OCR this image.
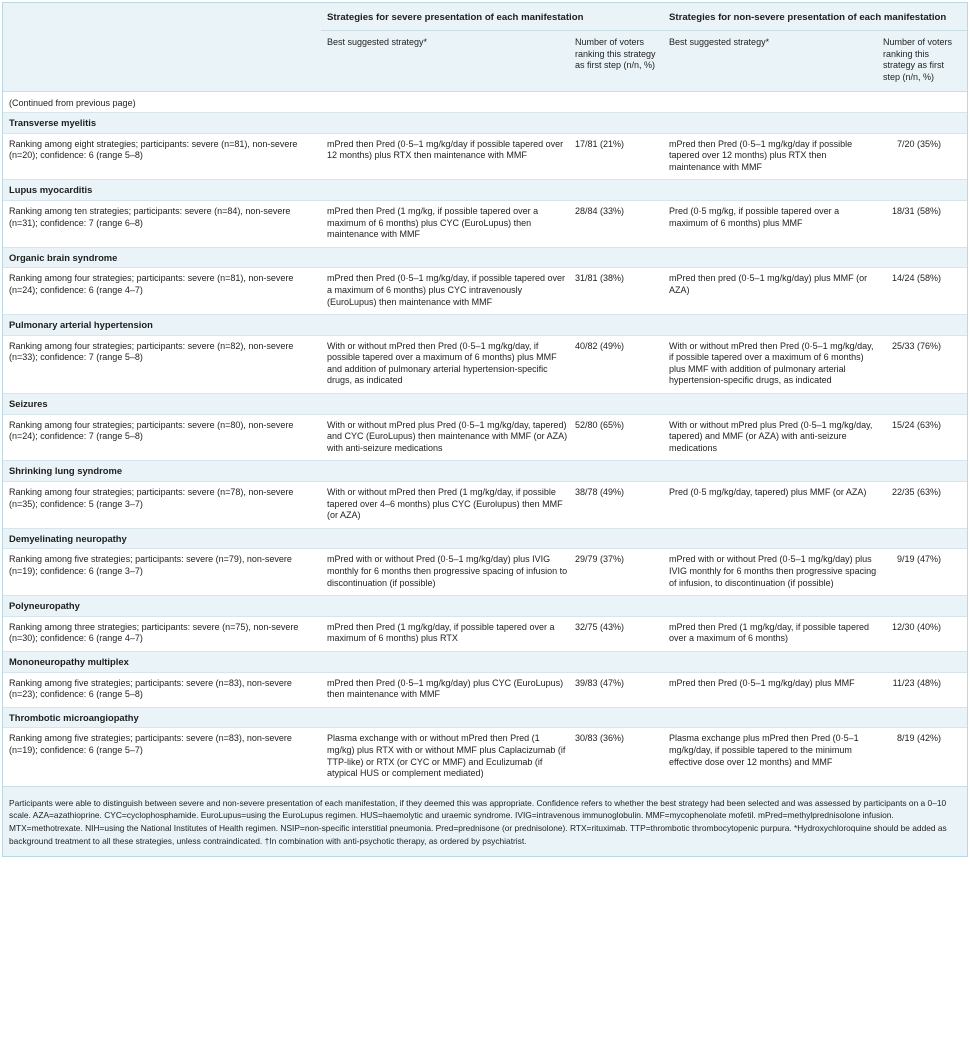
	Strategies for severe presentation of each manifestation		Strategies for non-severe presentation of each manifestation	
	Best suggested strategy*	Number of voters ranking this strategy as first step (n/n, %)	Best suggested strategy*	Number of voters ranking this strategy as first step (n/n, %)
(Continued from previous page)				
Transverse myelitis				
Ranking among eight strategies; participants: severe (n=81), non-severe (n=20); confidence: 6 (range 5–8)	mPred then Pred (0·5–1 mg/kg/day if possible tapered over 12 months) plus RTX then maintenance with MMF	17/81 (21%)	mPred then Pred (0·5–1 mg/kg/day if possible tapered over 12 months) plus RTX then maintenance with MMF	7/20 (35%)
Lupus myocarditis				
Ranking among ten strategies; participants: severe (n=84), non-severe (n=31); confidence: 7 (range 6–8)	mPred then Pred (1 mg/kg, if possible tapered over a maximum of 6 months) plus CYC (EuroLupus) then maintenance with MMF	28/84 (33%)	Pred (0·5 mg/kg, if possible tapered over a maximum of 6 months) plus MMF	18/31 (58%)
Organic brain syndrome				
Ranking among four strategies; participants: severe (n=81), non-severe (n=24); confidence: 6 (range 4–7)	mPred then Pred (0·5–1 mg/kg/day, if possible tapered over a maximum of 6 months) plus CYC intravenously (EuroLupus) then maintenance with MMF	31/81 (38%)	mPred then pred (0·5–1 mg/kg/day) plus MMF (or AZA)	14/24 (58%)
Pulmonary arterial hypertension				
Ranking among four strategies; participants: severe (n=82), non-severe (n=33); confidence: 7 (range 5–8)	With or without mPred then Pred (0·5–1 mg/kg/day, if possible tapered over a maximum of 6 months) plus MMF and addition of pulmonary arterial hypertension-specific drugs, as indicated	40/82 (49%)	With or without mPred then Pred (0·5–1 mg/kg/day, if possible tapered over a maximum of 6 months) plus MMF with addition of pulmonary arterial hypertension-specific drugs, as indicated	25/33 (76%)
Seizures				
Ranking among four strategies; participants: severe (n=80), non-severe (n=24); confidence: 7 (range 5–8)	With or without mPred plus Pred (0·5–1 mg/kg/day, tapered) and CYC (EuroLupus) then maintenance with MMF (or AZA) with anti-seizure medications	52/80 (65%)	With or without mPred plus Pred (0·5–1 mg/kg/day, tapered) and MMF (or AZA) with anti-seizure medications	15/24 (63%)
Shrinking lung syndrome				
Ranking among four strategies; participants: severe (n=78), non-severe (n=35); confidence: 5 (range 3–7)	With or without mPred then Pred (1 mg/kg/day, if possible tapered over 4–6 months) plus CYC (Eurolupus) then MMF (or AZA)	38/78 (49%)	Pred (0·5 mg/kg/day, tapered) plus MMF (or AZA)	22/35 (63%)
Demyelinating neuropathy				
Ranking among five strategies; participants: severe (n=79), non-severe (n=19); confidence: 6 (range 3–7)	mPred with or without Pred (0·5–1 mg/kg/day) plus IVIG monthly for 6 months then progressive spacing of infusion to discontinuation (if possible)	29/79 (37%)	mPred with or without Pred (0·5–1 mg/kg/day) plus IVIG monthly for 6 months then progressive spacing of infusion, to discontinuation (if possible)	9/19 (47%)
Polyneuropathy				
Ranking among three strategies; participants: severe (n=75), non-severe (n=30); confidence: 6 (range 4–7)	mPred then Pred (1 mg/kg/day, if possible tapered over a maximum of 6 months) plus RTX	32/75 (43%)	mPred then Pred (1 mg/kg/day, if possible tapered over a maximum of 6 months)	12/30 (40%)
Mononeuropathy multiplex				
Ranking among five strategies; participants: severe (n=83), non-severe (n=23); confidence: 6 (range 5–8)	mPred then Pred (0·5–1 mg/kg/day) plus CYC (EuroLupus) then maintenance with MMF	39/83 (47%)	mPred then Pred (0·5–1 mg/kg/day) plus MMF	11/23 (48%)
Thrombotic microangiopathy				
Ranking among five strategies; participants: severe (n=83), non-severe (n=19); confidence: 6 (range 5–7)	Plasma exchange with or without mPred then Pred (1 mg/kg) plus RTX with or without MMF plus Caplacizumab (if TTP-like) or RTX (or CYC or MMF) and Eculizumab (if atypical HUS or complement mediated)	30/83 (36%)	Plasma exchange plus mPred then Pred (0·5–1 mg/kg/day, if possible tapered to the minimum effective dose over 12 months) and MMF	8/19 (42%)
Participants were able to distinguish between severe and non-severe presentation of each manifestation, if they deemed this was appropriate. Confidence refers to whether the best strategy had been selected and was assessed by participants on a 0–10 scale. AZA=azathioprine. CYC=cyclophosphamide. EuroLupus=using the EuroLupus regimen. HUS=haemolytic and uraemic syndrome. IVIG=intravenous immunoglobulin. MMF=mycophenolate mofetil. mPred=methylprednisolone infusion. MTX=methotrexate. NIH=using the National Institutes of Health regimen. NSIP=non-specific interstitial pneumonia. Pred=prednisone (or prednisolone). RTX=rituximab. TTP=thrombotic thrombocytopenic purpura. *Hydroxychloroquine should be added as background treatment to all these strategies, unless contraindicated. †In combination with anti-psychotic therapy, as ordered by psychiatrist.
